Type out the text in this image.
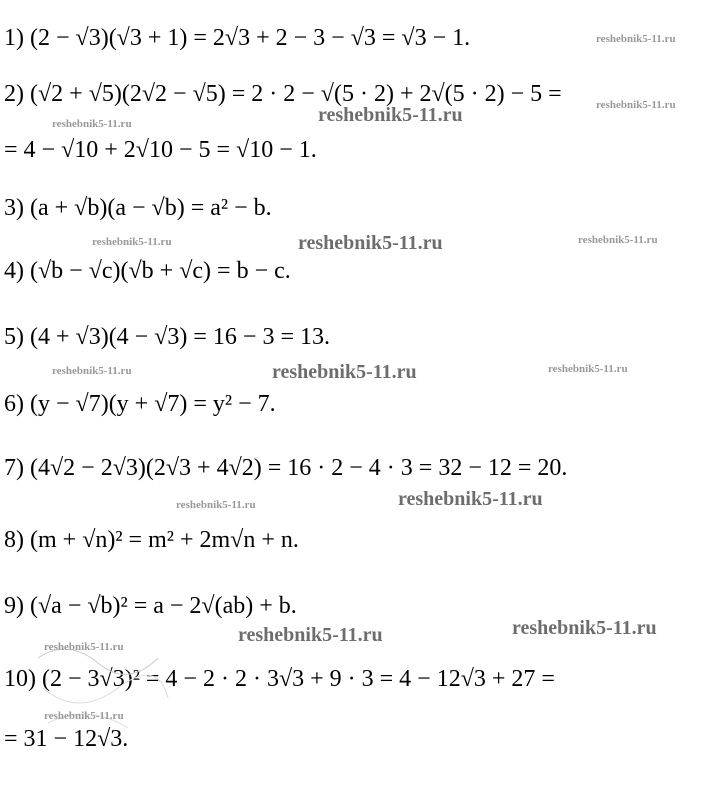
1) (2 − √3)(√3 + 1) = 2√3 + 2 − 3 − √3 = √3 − 1.
2) (√2 + √5)(2√2 − √5) = 2 · 2 − √(5 · 2) + 2√(5 · 2) − 5 =
= 4 − √10 + 2√10 − 5 = √10 − 1.
3) (a + √b)(a − √b) = a² − b.
4) (√b − √c)(√b + √c) = b − c.
5) (4 + √3)(4 − √3) = 16 − 3 = 13.
6) (y − √7)(y + √7) = y² − 7.
7) (4√2 − 2√3)(2√3 + 4√2) = 16 · 2 − 4 · 3 = 32 − 12 = 20.
8) (m + √n)² = m² + 2m√n + n.
9) (√a − √b)² = a − 2√(ab) + b.
10) (2 − 3√3)² = 4 − 2 · 2 · 3√3 + 9 · 3 = 4 − 12√3 + 27 =
= 31 − 12√3.
reshebnik5-11.ru
reshebnik5-11.ru	reshebnik5-11.ru	reshebnik5-11.ru
reshebnik5-11.ru	reshebnik5-11.ru	reshebnik5-11.ru
reshebnik5-11.ru	reshebnik5-11.ru	reshebnik5-11.ru
reshebnik5-11.ru	reshebnik5-11.ru
reshebnik5-11.ru	reshebnik5-11.ru
reshebnik5-11.ru
reshebnik5-11.ru
